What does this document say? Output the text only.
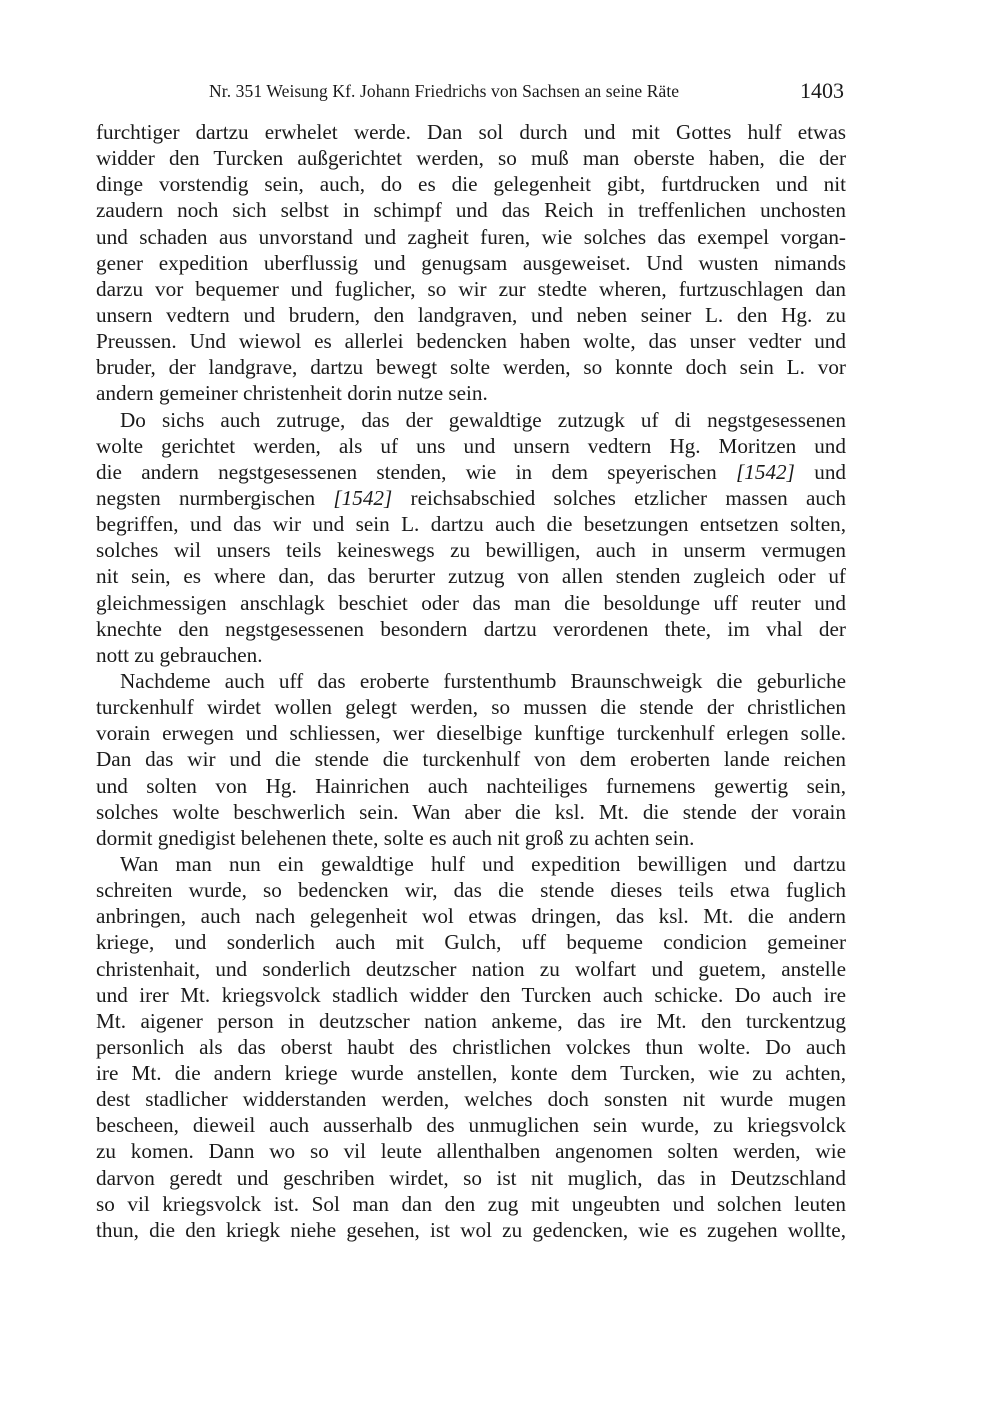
Nr. 351 Weisung Kf. Johann Friedrichs von Sachsen an seine Räte	1403
furchtiger dartzu erwhelet werde. Dan sol durch und mit Gottes hulf etwas
widder den Turcken außgerichtet werden, so muß man oberste haben, die der
dinge vorstendig sein, auch, do es die gelegenheit gibt, furtdrucken und nit
zaudern noch sich selbst in schimpf und das Reich in treffenlichen unchosten
und schaden aus unvorstand und zagheit furen, wie solches das exempel vorgan-
gener expedition uberflussig und genugsam ausgeweiset. Und wusten nimands
darzu vor bequemer und fuglicher, so wir zur stedte wheren, furtzuschlagen dan
unsern vedtern und brudern, den landgraven, und neben seiner L. den Hg. zu
Preussen. Und wiewol es allerlei bedencken haben wolte, das unser vedter und
bruder, der landgrave, dartzu bewegt solte werden, so konnte doch sein L. vor
andern gemeiner christenheit dorin nutze sein.
Do sichs auch zutruge, das der gewaldtige zutzugk uf di negstgesessenen
wolte gerichtet werden, als uf uns und unsern vedtern Hg. Moritzen und
die andern negstgesessenen stenden, wie in dem speyerischen [1542] und
negsten nurmbergischen [1542] reichsabschied solches etzlicher massen auch
begriffen, und das wir und sein L. dartzu auch die besetzungen entsetzen solten,
solches wil unsers teils keineswegs zu bewilligen, auch in unserm vermugen
nit sein, es where dan, das berurter zutzug von allen stenden zugleich oder uf
gleichmessigen anschlagk beschiet oder das man die besoldunge uff reuter und
knechte den negstgesessenen besondern dartzu verordenen thete, im vhal der
nott zu gebrauchen.
Nachdeme auch uff das eroberte furstenthumb Braunschweigk die geburliche
turckenhulf wirdet wollen gelegt werden, so mussen die stende der christlichen
vorain erwegen und schliessen, wer dieselbige kunftige turckenhulf erlegen solle.
Dan das wir und die stende die turckenhulf von dem eroberten lande reichen
und solten von Hg. Hainrichen auch nachteiliges furnemens gewertig sein,
solches wolte beschwerlich sein. Wan aber die ksl. Mt. die stende der vorain
dormit gnedigist belehenen thete, solte es auch nit groß zu achten sein.
Wan man nun ein gewaldtige hulf und expedition bewilligen und dartzu
schreiten wurde, so bedencken wir, das die stende dieses teils etwa fuglich
anbringen, auch nach gelegenheit wol etwas dringen, das ksl. Mt. die andern
kriege, und sonderlich auch mit Gulch, uff bequeme condicion gemeiner
christenhait, und sonderlich deutzscher nation zu wolfart und guetem, anstelle
und irer Mt. kriegsvolck stadlich widder den Turcken auch schicke. Do auch ire
Mt. aigener person in deutzscher nation ankeme, das ire Mt. den turckentzug
personlich als das oberst haubt des christlichen volckes thun wolte. Do auch
ire Mt. die andern kriege wurde anstellen, konte dem Turcken, wie zu achten,
dest stadlicher widderstanden werden, welches doch sonsten nit wurde mugen
bescheen, dieweil auch ausserhalb des unmuglichen sein wurde, zu kriegsvolck
zu komen. Dann wo so vil leute allenthalben angenomen solten werden, wie
darvon geredt und geschriben wirdet, so ist nit muglich, das in Deutzschland
so vil kriegsvolck ist. Sol man dan den zug mit ungeubten und solchen leuten
thun, die den kriegk niehe gesehen, ist wol zu gedencken, wie es zugehen wollte,
